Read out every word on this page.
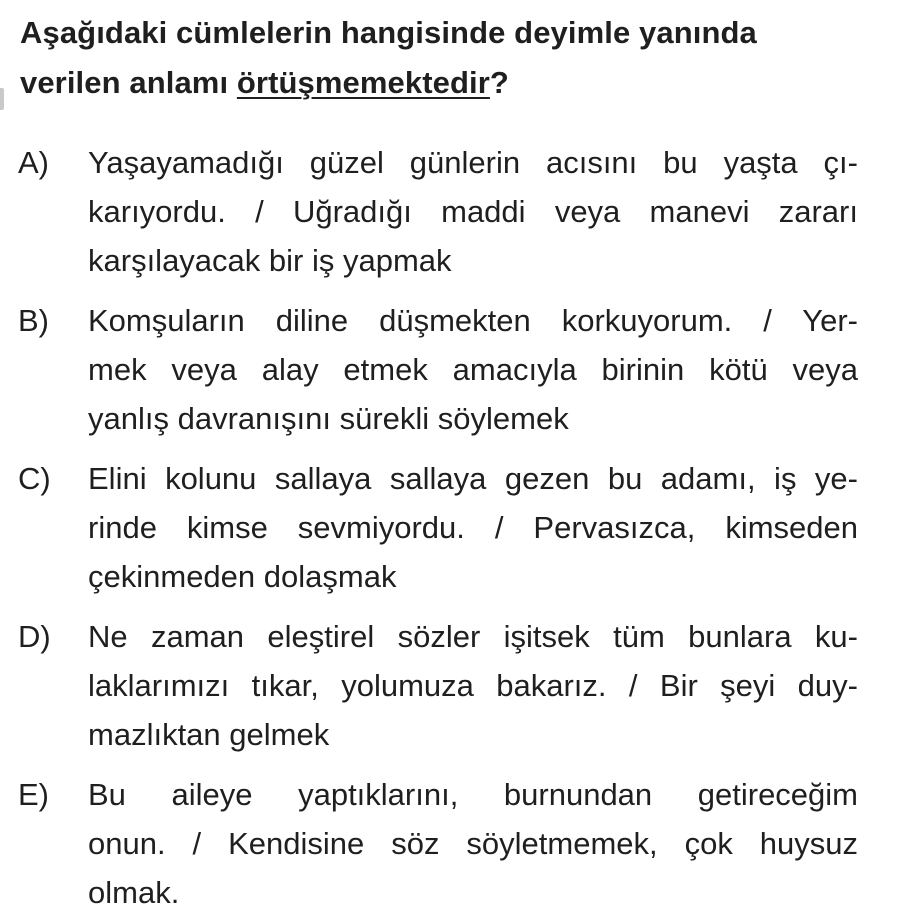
Aşağıdaki cümlelerin hangisinde deyimle yanında
verilen anlamı örtüşmemektedir?

A)	Yaşayamadığı güzel günlerin acısını bu yaşta çı-
karıyordu. / Uğradığı maddi veya manevi zararı
karşılayacak bir iş yapmak
B)	Komşuların diline düşmekten korkuyorum. / Yer-
mek veya alay etmek amacıyla birinin kötü veya
yanlış davranışını sürekli söylemek
C)	Elini kolunu sallaya sallaya gezen bu adamı, iş ye-
rinde kimse sevmiyordu. / Pervasızca, kimseden
çekinmeden dolaşmak
D)	Ne zaman eleştirel sözler işitsek tüm bunlara ku-
laklarımızı tıkar, yolumuza bakarız. / Bir şeyi duy-
mazlıktan gelmek
E)	Bu aileye yaptıklarını, burnundan getireceğim
onun. / Kendisine söz söyletmemek, çok huysuz
olmak.
